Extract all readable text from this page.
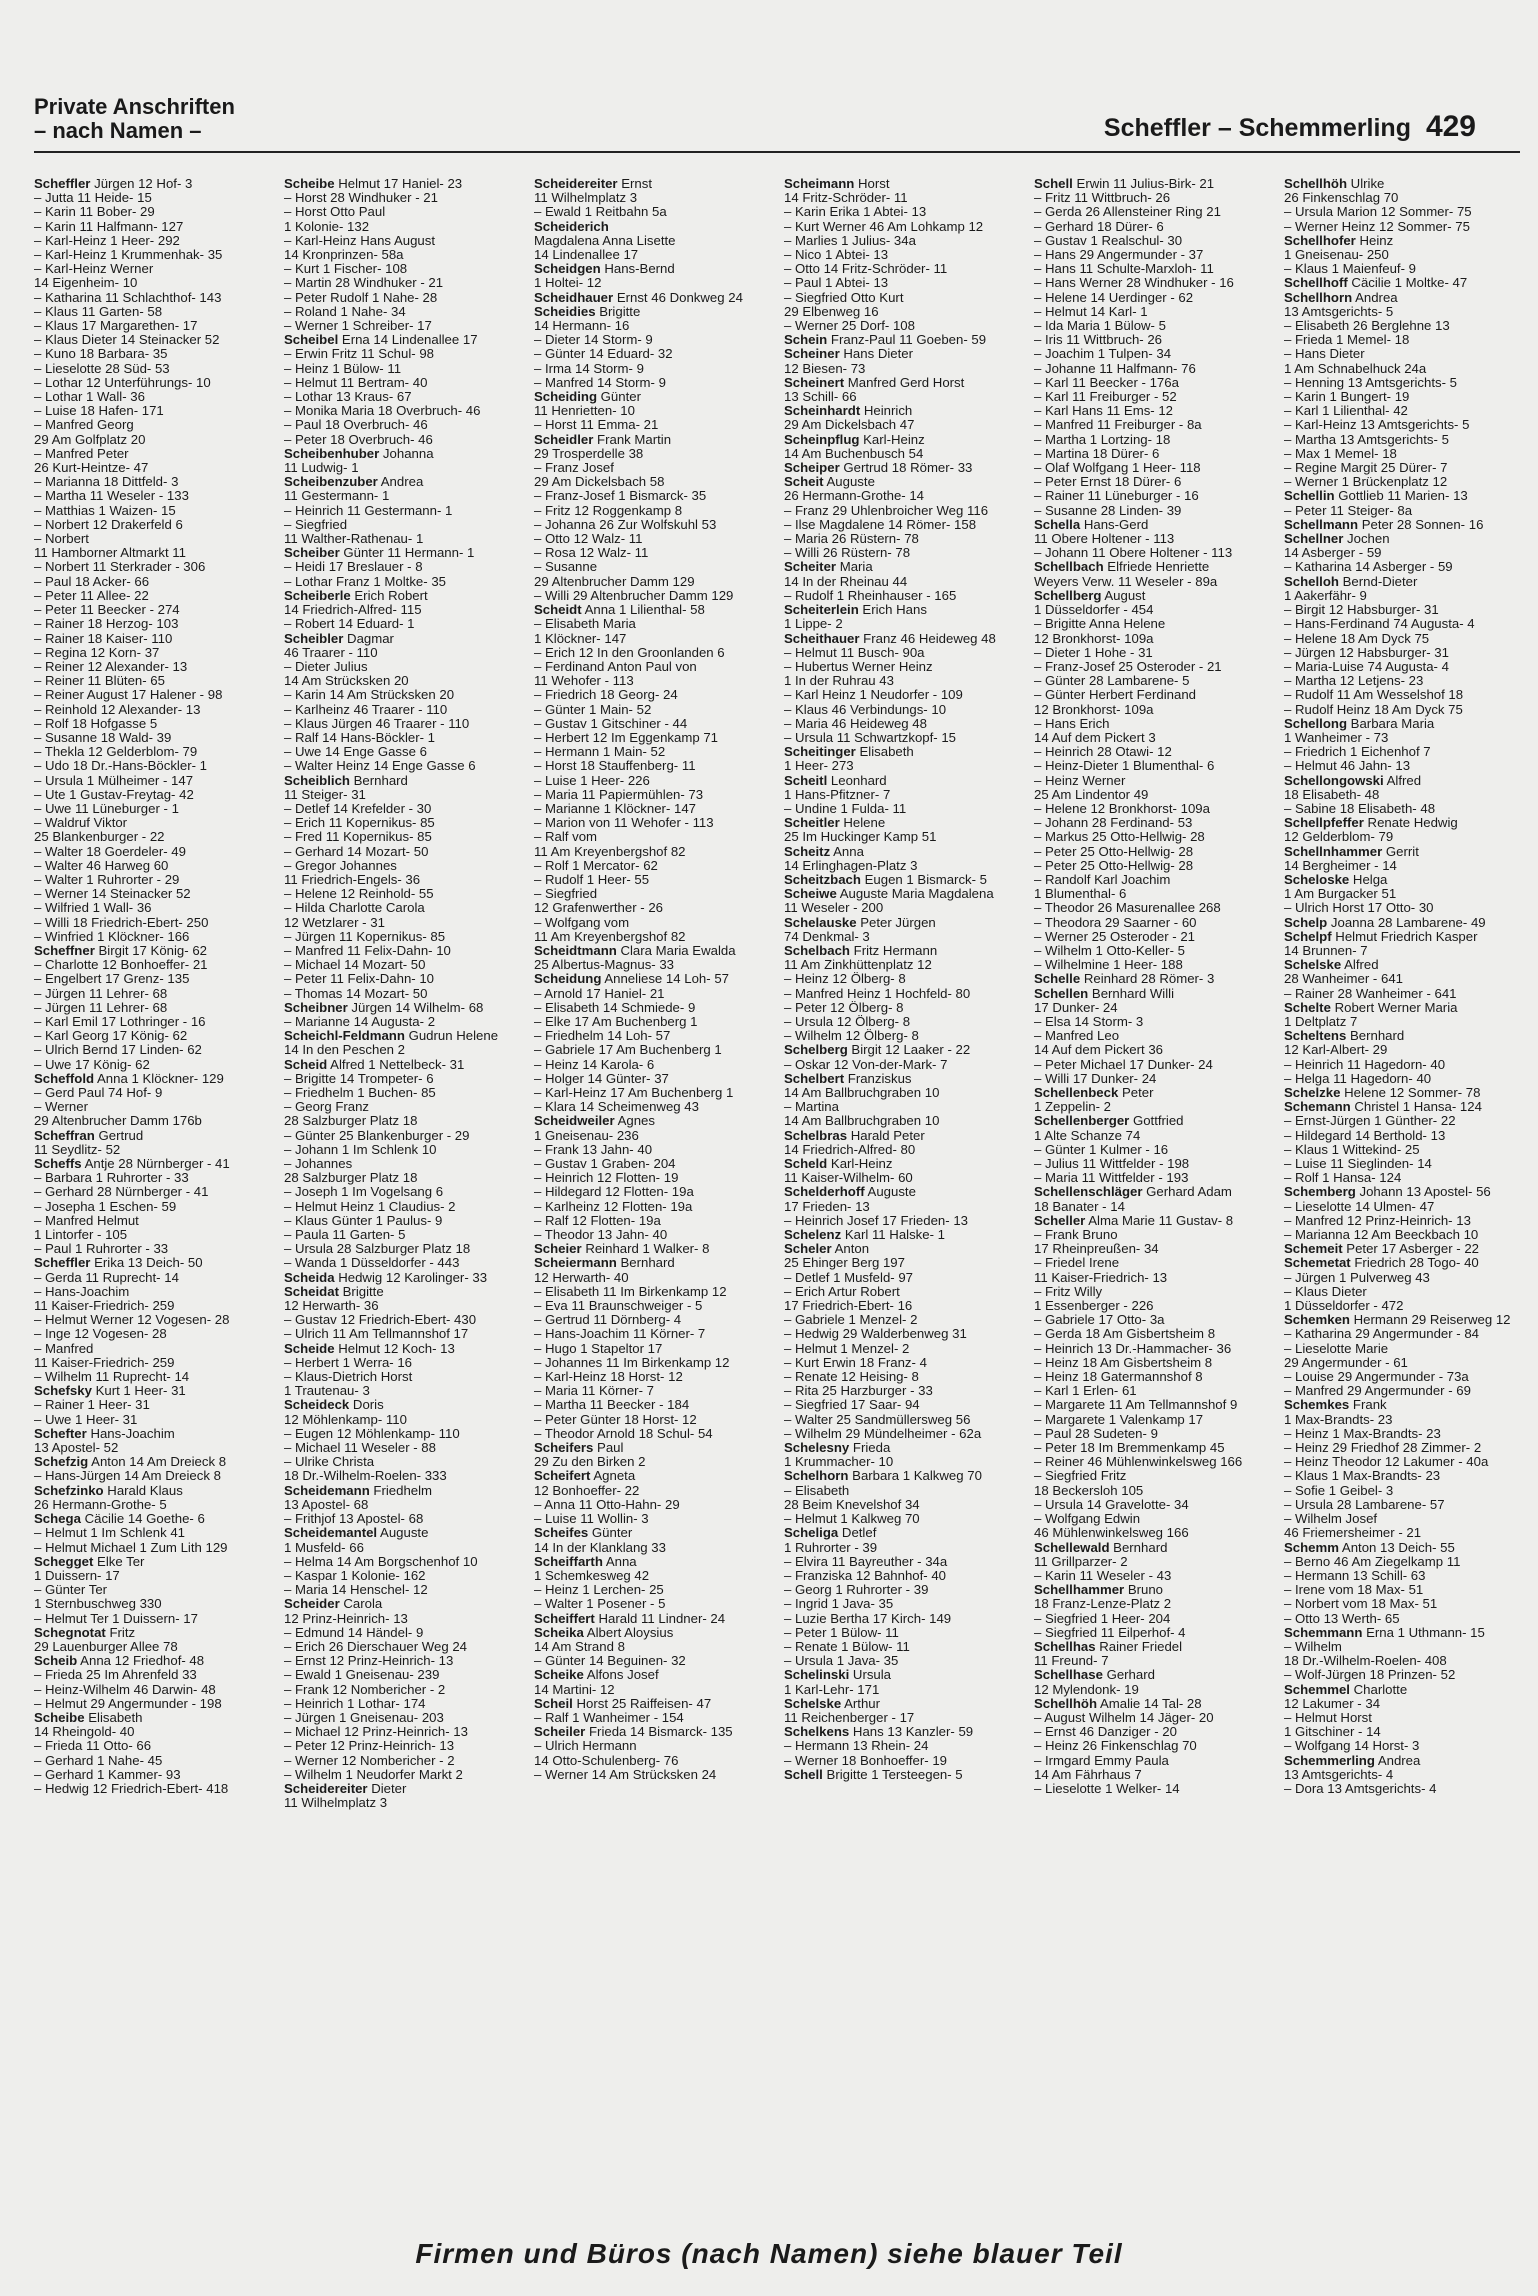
Private Anschriften
– nach Namen –	Scheffler – Schemmerling 429
Scheffler Jürgen 12 Hof- 3
– Jutta 11 Heide- 15
– Karin 11 Bober- 29
– Karin 11 Halfmann- 127
– Karl-Heinz 1 Heer- 292
– Karl-Heinz 1 Krummenhak- 35
– Karl-Heinz Werner
14 Eigenheim- 10
– Katharina 11 Schlachthof- 143
– Klaus 11 Garten- 58
– Klaus 17 Margarethen- 17
– Klaus Dieter 14 Steinacker 52
– Kuno 18 Barbara- 35
– Lieselotte 28 Süd- 53
– Lothar 12 Unterführungs- 10
– Lothar 1 Wall- 36
– Luise 18 Hafen- 171
– Manfred Georg
29 Am Golfplatz 20
– Manfred Peter
26 Kurt-Heintze- 47
– Marianna 18 Dittfeld- 3
– Martha 11 Weseler - 133
– Matthias 1 Waizen- 15
– Norbert 12 Drakerfeld 6
– Norbert
11 Hamborner Altmarkt 11
– Norbert 11 Sterkrader - 306
– Paul 18 Acker- 66
– Peter 11 Allee- 22
– Peter 11 Beecker - 274
– Rainer 18 Herzog- 103
– Rainer 18 Kaiser- 110
– Regina 12 Korn- 37
– Reiner 12 Alexander- 13
– Reiner 11 Blüten- 65
– Reiner August 17 Halener - 98
– Reinhold 12 Alexander- 13
– Rolf 18 Hofgasse 5
– Susanne 18 Wald- 39
– Thekla 12 Gelderblom- 79
– Udo 18 Dr.-Hans-Böckler- 1
– Ursula 1 Mülheimer - 147
– Ute 1 Gustav-Freytag- 42
– Uwe 11 Lüneburger - 1
– Waldruf Viktor
25 Blankenburger - 22
– Walter 18 Goerdeler- 49
– Walter 46 Harweg 60
– Walter 1 Ruhrorter - 29
– Werner 14 Steinacker 52
– Wilfried 1 Wall- 36
– Willi 18 Friedrich-Ebert- 250
– Winfried 1 Klöckner- 166
Scheffner Birgit 17 König- 62
– Charlotte 12 Bonhoeffer- 21
– Engelbert 17 Grenz- 135
– Jürgen 11 Lehrer- 68
– Jürgen 11 Lehrer- 68
– Karl Emil 17 Lothringer - 16
– Karl Georg 17 König- 62
– Ulrich Bernd 17 Linden- 62
– Uwe 17 König- 62
Scheffold Anna 1 Klöckner- 129
– Gerd Paul 74 Hof- 9
– Werner
29 Altenbrucher Damm 176b
Scheffran Gertrud
11 Seydlitz- 52
Scheffs Antje 28 Nürnberger - 41
– Barbara 1 Ruhrorter - 33
– Gerhard 28 Nürnberger - 41
– Josepha 1 Eschen- 59
– Manfred Helmut
1 Lintorfer - 105
– Paul 1 Ruhrorter - 33
Scheffler Erika 13 Deich- 50
– Gerda 11 Ruprecht- 14
– Hans-Joachim
11 Kaiser-Friedrich- 259
– Helmut Werner 12 Vogesen- 28
– Inge 12 Vogesen- 28
– Manfred
11 Kaiser-Friedrich- 259
– Wilhelm 11 Ruprecht- 14
Schefsky Kurt 1 Heer- 31
– Rainer 1 Heer- 31
– Uwe 1 Heer- 31
Schefter Hans-Joachim
13 Apostel- 52
Schefzig Anton 14 Am Dreieck 8
– Hans-Jürgen 14 Am Dreieck 8
Schefzinko Harald Klaus
26 Hermann-Grothe- 5
Schega Cäcilie 14 Goethe- 6
– Helmut 1 Im Schlenk 41
– Helmut Michael 1 Zum Lith 129
Schegget Elke Ter
1 Duissern- 17
– Günter Ter
1 Sternbuschweg 330
– Helmut Ter 1 Duissern- 17
Schegnotat Fritz
29 Lauenburger Allee 78
Scheib Anna 12 Friedhof- 48
– Frieda 25 Im Ahrenfeld 33
– Heinz-Wilhelm 46 Darwin- 48
– Helmut 29 Angermunder - 198
Scheibe Elisabeth
14 Rheingold- 40
– Frieda 11 Otto- 66
– Gerhard 1 Nahe- 45
– Gerhard 1 Kammer- 93
– Hedwig 12 Friedrich-Ebert- 418
Scheibe Helmut 17 Haniel- 23
– Horst 28 Windhuker - 21
– Horst Otto Paul
1 Kolonie- 132
– Karl-Heinz Hans August
14 Kronprinzen- 58a
– Kurt 1 Fischer- 108
– Martin 28 Windhuker - 21
– Peter Rudolf 1 Nahe- 28
– Roland 1 Nahe- 34
– Werner 1 Schreiber- 17
Scheibel Erna 14 Lindenallee 17
– Erwin Fritz 11 Schul- 98
– Heinz 1 Bülow- 11
– Helmut 11 Bertram- 40
– Lothar 13 Kraus- 67
– Monika Maria 18 Overbruch- 46
– Paul 18 Overbruch- 46
– Peter 18 Overbruch- 46
Scheibenhuber Johanna
11 Ludwig- 1
Scheibenzuber Andrea
11 Gestermann- 1
– Heinrich 11 Gestermann- 1
– Siegfried
11 Walther-Rathenau- 1
Scheiber Günter 11 Hermann- 1
– Heidi 17 Breslauer - 8
– Lothar Franz 1 Moltke- 35
Scheiberle Erich Robert
14 Friedrich-Alfred- 115
– Robert 14 Eduard- 1
Scheibler Dagmar
46 Traarer - 110
– Dieter Julius
14 Am Strücksken 20
– Karin 14 Am Strücksken 20
– Karlheinz 46 Traarer - 110
– Klaus Jürgen 46 Traarer - 110
– Ralf 14 Hans-Böckler- 1
– Uwe 14 Enge Gasse 6
– Walter Heinz 14 Enge Gasse 6
Scheiblich Bernhard
11 Steiger- 31
– Detlef 14 Krefelder - 30
– Erich 11 Kopernikus- 85
– Fred 11 Kopernikus- 85
– Gerhard 14 Mozart- 50
– Gregor Johannes
11 Friedrich-Engels- 36
– Helene 12 Reinhold- 55
– Hilda Charlotte Carola
12 Wetzlarer - 31
– Jürgen 11 Kopernikus- 85
– Manfred 11 Felix-Dahn- 10
– Michael 14 Mozart- 50
– Peter 11 Felix-Dahn- 10
– Thomas 14 Mozart- 50
Scheibner Jürgen 14 Wilhelm- 68
– Marianne 14 Augusta- 2
Scheichl-Feldmann Gudrun Helene
14 In den Peschen 2
Scheid Alfred 1 Nettelbeck- 31
– Brigitte 14 Trompeter- 6
– Friedhelm 1 Buchen- 85
– Georg Franz
28 Salzburger Platz 18
– Günter 25 Blankenburger - 29
– Johann 1 Im Schlenk 10
– Johannes
28 Salzburger Platz 18
– Joseph 1 Im Vogelsang 6
– Helmut Heinz 1 Claudius- 2
– Klaus Günter 1 Paulus- 9
– Paula 11 Garten- 5
– Ursula 28 Salzburger Platz 18
– Wanda 1 Düsseldorfer - 443
Scheida Hedwig 12 Karolinger- 33
Scheidat Brigitte
12 Herwarth- 36
– Gustav 12 Friedrich-Ebert- 430
– Ulrich 11 Am Tellmannshof 17
Scheide Helmut 12 Koch- 13
– Herbert 1 Werra- 16
– Klaus-Dietrich Horst
1 Trautenau- 3
Scheideck Doris
12 Möhlenkamp- 110
– Eugen 12 Möhlenkamp- 110
– Michael 11 Weseler - 88
– Ulrike Christa
18 Dr.-Wilhelm-Roelen- 333
Scheidemann Friedhelm
13 Apostel- 68
– Frithjof 13 Apostel- 68
Scheidemantel Auguste
1 Musfeld- 66
– Helma 14 Am Borgschenhof 10
– Kaspar 1 Kolonie- 162
– Maria 14 Henschel- 12
Scheider Carola
12 Prinz-Heinrich- 13
– Edmund 14 Händel- 9
– Erich 26 Dierschauer Weg 24
– Ernst 12 Prinz-Heinrich- 13
– Ewald 1 Gneisenau- 239
– Frank 12 Nombericher - 2
– Heinrich 1 Lothar- 174
– Jürgen 1 Gneisenau- 203
– Michael 12 Prinz-Heinrich- 13
– Peter 12 Prinz-Heinrich- 13
– Werner 12 Nombericher - 2
– Wilhelm 1 Neudorfer Markt 2
Scheidereiter Dieter
11 Wilhelmplatz 3
Scheidereiter Ernst
11 Wilhelmplatz 3
– Ewald 1 Reitbahn 5a
Scheiderich
Magdalena Anna Lisette
14 Lindenallee 17
Scheidgen Hans-Bernd
1 Holtei- 12
Scheidhauer Ernst 46 Donkweg 24
Scheidies Brigitte
14 Hermann- 16
– Dieter 14 Storm- 9
– Günter 14 Eduard- 32
– Irma 14 Storm- 9
– Manfred 14 Storm- 9
Scheiding Günter
11 Henrietten- 10
– Horst 11 Emma- 21
Scheidler Frank Martin
29 Trosperdelle 38
– Franz Josef
29 Am Dickelsbach 58
– Franz-Josef 1 Bismarck- 35
– Fritz 12 Roggenkamp 8
– Johanna 26 Zur Wolfskuhl 53
– Otto 12 Walz- 11
– Rosa 12 Walz- 11
– Susanne
29 Altenbrucher Damm 129
– Willi 29 Altenbrucher Damm 129
Scheidt Anna 1 Lilienthal- 58
– Elisabeth Maria
1 Klöckner- 147
– Erich 12 In den Groonlanden 6
– Ferdinand Anton Paul von
11 Wehofer - 113
– Friedrich 18 Georg- 24
– Günter 1 Main- 52
– Gustav 1 Gitschiner - 44
– Herbert 12 Im Eggenkamp 71
– Hermann 1 Main- 52
– Horst 18 Stauffenberg- 11
– Luise 1 Heer- 226
– Maria 11 Papiermühlen- 73
– Marianne 1 Klöckner- 147
– Marion von 11 Wehofer - 113
– Ralf vom
11 Am Kreyenbergshof 82
– Rolf 1 Mercator- 62
– Rudolf 1 Heer- 55
– Siegfried
12 Grafenwerther - 26
– Wolfgang vom
11 Am Kreyenbergshof 82
Scheidtmann Clara Maria Ewalda
25 Albertus-Magnus- 33
Scheidung Anneliese 14 Loh- 57
– Arnold 17 Haniel- 21
– Elisabeth 14 Schmiede- 9
– Elke 17 Am Buchenberg 1
– Friedhelm 14 Loh- 57
– Gabriele 17 Am Buchenberg 1
– Heinz 14 Karola- 6
– Holger 14 Günter- 37
– Karl-Heinz 17 Am Buchenberg 1
– Klara 14 Scheimenweg 43
Scheidweiler Agnes
1 Gneisenau- 236
– Frank 13 Jahn- 40
– Gustav 1 Graben- 204
– Heinrich 12 Flotten- 19
– Hildegard 12 Flotten- 19a
– Karlheinz 12 Flotten- 19a
– Ralf 12 Flotten- 19a
– Theodor 13 Jahn- 40
Scheier Reinhard 1 Walker- 8
Scheiermann Bernhard
12 Herwarth- 40
– Elisabeth 11 Im Birkenkamp 12
– Eva 11 Braunschweiger - 5
– Gertrud 11 Dörnberg- 4
– Hans-Joachim 11 Körner- 7
– Hugo 1 Stapeltor 17
– Johannes 11 Im Birkenkamp 12
– Karl-Heinz 18 Horst- 12
– Maria 11 Körner- 7
– Martha 11 Beecker - 184
– Peter Günter 18 Horst- 12
– Theodor Arnold 18 Schul- 54
Scheifers Paul
29 Zu den Birken 2
Scheifert Agneta
12 Bonhoeffer- 22
– Anna 11 Otto-Hahn- 29
– Luise 11 Wollin- 3
Scheifes Günter
14 In der Klanklang 33
Scheiffarth Anna
1 Schemkesweg 42
– Heinz 1 Lerchen- 25
– Walter 1 Posener - 5
Scheiffert Harald 11 Lindner- 24
Scheika Albert Aloysius
14 Am Strand 8
– Günter 14 Beguinen- 32
Scheike Alfons Josef
14 Martini- 12
Scheil Horst 25 Raiffeisen- 47
– Ralf 1 Wanheimer - 154
Scheiler Frieda 14 Bismarck- 135
– Ulrich Hermann
14 Otto-Schulenberg- 76
– Werner 14 Am Strücksken 24
Scheimann Horst
14 Fritz-Schröder- 11
– Karin Erika 1 Abtei- 13
– Kurt Werner 46 Am Lohkamp 12
– Marlies 1 Julius- 34a
– Nico 1 Abtei- 13
– Otto 14 Fritz-Schröder- 11
– Paul 1 Abtei- 13
– Siegfried Otto Kurt
29 Elbenweg 16
– Werner 25 Dorf- 108
Schein Franz-Paul 11 Goeben- 59
Scheiner Hans Dieter
12 Biesen- 73
Scheinert Manfred Gerd Horst
13 Schill- 66
Scheinhardt Heinrich
29 Am Dickelsbach 47
Scheinpflug Karl-Heinz
14 Am Buchenbusch 54
Scheiper Gertrud 18 Römer- 33
Scheit Auguste
26 Hermann-Grothe- 14
– Franz 29 Uhlenbroicher Weg 116
– Ilse Magdalene 14 Römer- 158
– Maria 26 Rüstern- 78
– Willi 26 Rüstern- 78
Scheiter Maria
14 In der Rheinau 44
– Rudolf 1 Rheinhauser - 165
Scheiterlein Erich Hans
1 Lippe- 2
Scheithauer Franz 46 Heideweg 48
– Helmut 11 Busch- 90a
– Hubertus Werner Heinz
1 In der Ruhrau 43
– Karl Heinz 1 Neudorfer - 109
– Klaus 46 Verbindungs- 10
– Maria 46 Heideweg 48
– Ursula 11 Schwartzkopf- 15
Scheitinger Elisabeth
1 Heer- 273
Scheitl Leonhard
1 Hans-Pfitzner- 7
– Undine 1 Fulda- 11
Scheitler Helene
25 Im Huckinger Kamp 51
Scheitz Anna
14 Erlinghagen-Platz 3
Scheitzbach Eugen 1 Bismarck- 5
Scheiwe Auguste Maria Magdalena
11 Weseler - 200
Schelauske Peter Jürgen
74 Denkmal- 3
Schelbach Fritz Hermann
11 Am Zinkhüttenplatz 12
– Heinz 12 Ölberg- 8
– Manfred Heinz 1 Hochfeld- 80
– Peter 12 Ölberg- 8
– Ursula 12 Ölberg- 8
– Wilhelm 12 Ölberg- 8
Schelberg Birgit 12 Laaker - 22
– Oskar 12 Von-der-Mark- 7
Schelbert Franziskus
14 Am Ballbruchgraben 10
– Martina
14 Am Ballbruchgraben 10
Schelbras Harald Peter
14 Friedrich-Alfred- 80
Scheld Karl-Heinz
11 Kaiser-Wilhelm- 60
Schelderhoff Auguste
17 Frieden- 13
– Heinrich Josef 17 Frieden- 13
Schelenz Karl 11 Halske- 1
Scheler Anton
25 Ehinger Berg 197
– Detlef 1 Musfeld- 97
– Erich Artur Robert
17 Friedrich-Ebert- 16
– Gabriele 1 Menzel- 2
– Hedwig 29 Walderbenweg 31
– Helmut 1 Menzel- 2
– Kurt Erwin 18 Franz- 4
– Renate 12 Heising- 8
– Rita 25 Harzburger - 33
– Siegfried 17 Saar- 94
– Walter 25 Sandmüllersweg 56
– Wilhelm 29 Mündelheimer - 62a
Schelesny Frieda
1 Krummacher- 10
Schelhorn Barbara 1 Kalkweg 70
– Elisabeth
28 Beim Knevelshof 34
– Helmut 1 Kalkweg 70
Scheliga Detlef
1 Ruhrorter - 39
– Elvira 11 Bayreuther - 34a
– Franziska 12 Bahnhof- 40
– Georg 1 Ruhrorter - 39
– Ingrid 1 Java- 35
– Luzie Bertha 17 Kirch- 149
– Peter 1 Bülow- 11
– Renate 1 Bülow- 11
– Ursula 1 Java- 35
Schelinski Ursula
1 Karl-Lehr- 171
Schelske Arthur
11 Reichenberger - 17
Schelkens Hans 13 Kanzler- 59
– Hermann 13 Rhein- 24
– Werner 18 Bonhoeffer- 19
Schell Brigitte 1 Tersteegen- 5
Schell Erwin 11 Julius-Birk- 21
– Fritz 11 Wittbruch- 26
– Gerda 26 Allensteiner Ring 21
– Gerhard 18 Dürer- 6
– Gustav 1 Realschul- 30
– Hans 29 Angermunder - 37
– Hans 11 Schulte-Marxloh- 11
– Hans Werner 28 Windhuker - 16
– Helene 14 Uerdinger - 62
– Helmut 14 Karl- 1
– Ida Maria 1 Bülow- 5
– Iris 11 Wittbruch- 26
– Joachim 1 Tulpen- 34
– Johanne 11 Halfmann- 76
– Karl 11 Beecker - 176a
– Karl 11 Freiburger - 52
– Karl Hans 11 Ems- 12
– Manfred 11 Freiburger - 8a
– Martha 1 Lortzing- 18
– Martina 18 Dürer- 6
– Olaf Wolfgang 1 Heer- 118
– Peter Ernst 18 Dürer- 6
– Rainer 11 Lüneburger - 16
– Susanne 28 Linden- 39
Schella Hans-Gerd
11 Obere Holtener - 113
– Johann 11 Obere Holtener - 113
Schellbach Elfriede Henriette
Weyers Verw. 11 Weseler - 89a
Schellberg August
1 Düsseldorfer - 454
– Brigitte Anna Helene
12 Bronkhorst- 109a
– Dieter 1 Hohe - 31
– Franz-Josef 25 Osteroder - 21
– Günter 28 Lambarene- 5
– Günter Herbert Ferdinand
12 Bronkhorst- 109a
– Hans Erich
14 Auf dem Pickert 3
– Heinrich 28 Otawi- 12
– Heinz-Dieter 1 Blumenthal- 6
– Heinz Werner
25 Am Lindentor 49
– Helene 12 Bronkhorst- 109a
– Johann 28 Ferdinand- 53
– Markus 25 Otto-Hellwig- 28
– Peter 25 Otto-Hellwig- 28
– Peter 25 Otto-Hellwig- 28
– Randolf Karl Joachim
1 Blumenthal- 6
– Theodor 26 Masurenallee 268
– Theodora 29 Saarner - 60
– Werner 25 Osteroder - 21
– Wilhelm 1 Otto-Keller- 5
– Wilhelmine 1 Heer- 188
Schelle Reinhard 28 Römer- 3
Schellen Bernhard Willi
17 Dunker- 24
– Elsa 14 Storm- 3
– Manfred Leo
14 Auf dem Pickert 36
– Peter Michael 17 Dunker- 24
– Willi 17 Dunker- 24
Schellenbeck Peter
1 Zeppelin- 2
Schellenberger Gottfried
1 Alte Schanze 74
– Günter 1 Kulmer - 16
– Julius 11 Wittfelder - 198
– Maria 11 Wittfelder - 193
Schellenschläger Gerhard Adam
18 Banater - 14
Scheller Alma Marie 11 Gustav- 8
– Frank Bruno
17 Rheinpreußen- 34
– Friedel Irene
11 Kaiser-Friedrich- 13
– Fritz Willy
1 Essenberger - 226
– Gabriele 17 Otto- 3a
– Gerda 18 Am Gisbertsheim 8
– Heinrich 13 Dr.-Hammacher- 36
– Heinz 18 Am Gisbertsheim 8
– Heinz 18 Gatermannshof 8
– Karl 1 Erlen- 61
– Margarete 11 Am Tellmannshof 9
– Margarete 1 Valenkamp 17
– Paul 28 Sudeten- 9
– Peter 18 Im Bremmenkamp 45
– Reiner 46 Mühlenwinkelsweg 166
– Siegfried Fritz
18 Beckersloh 105
– Ursula 14 Gravelotte- 34
– Wolfgang Edwin
46 Mühlenwinkelsweg 166
Schellewald Bernhard
11 Grillparzer- 2
– Karin 11 Weseler - 43
Schellhammer Bruno
18 Franz-Lenze-Platz 2
– Siegfried 1 Heer- 204
– Siegfried 11 Eilperhof- 4
Schellhas Rainer Friedel
11 Freund- 7
Schellhase Gerhard
12 Mylendonk- 19
Schellhöh Amalie 14 Tal- 28
– August Wilhelm 14 Jäger- 20
– Ernst 46 Danziger - 20
– Heinz 26 Finkenschlag 70
– Irmgard Emmy Paula
14 Am Fährhaus 7
– Lieselotte 1 Welker- 14
Schellhöh Ulrike
26 Finkenschlag 70
– Ursula Marion 12 Sommer- 75
– Werner Heinz 12 Sommer- 75
Schellhofer Heinz
1 Gneisenau- 250
– Klaus 1 Maienfeuf- 9
Schellhoff Cäcilie 1 Moltke- 47
Schellhorn Andrea
13 Amtsgerichts- 5
– Elisabeth 26 Berglehne 13
– Frieda 1 Memel- 18
– Hans Dieter
1 Am Schnabelhuck 24a
– Henning 13 Amtsgerichts- 5
– Karin 1 Bungert- 19
– Karl 1 Lilienthal- 42
– Karl-Heinz 13 Amtsgerichts- 5
– Martha 13 Amtsgerichts- 5
– Max 1 Memel- 18
– Regine Margit 25 Dürer- 7
– Werner 1 Brückenplatz 12
Schellin Gottlieb 11 Marien- 13
– Peter 11 Steiger- 8a
Schellmann Peter 28 Sonnen- 16
Schellner Jochen
14 Asberger - 59
– Katharina 14 Asberger - 59
Schelloh Bernd-Dieter
1 Aakerfähr- 9
– Birgit 12 Habsburger- 31
– Hans-Ferdinand 74 Augusta- 4
– Helene 18 Am Dyck 75
– Jürgen 12 Habsburger- 31
– Maria-Luise 74 Augusta- 4
– Martha 12 Letjens- 23
– Rudolf 11 Am Wesselshof 18
– Rudolf Heinz 18 Am Dyck 75
Schellong Barbara Maria
1 Wanheimer - 73
– Friedrich 1 Eichenhof 7
– Helmut 46 Jahn- 13
Schellongowski Alfred
18 Elisabeth- 48
– Sabine 18 Elisabeth- 48
Schellpfeffer Renate Hedwig
12 Gelderblom- 79
Schellnhammer Gerrit
14 Bergheimer - 14
Scheloske Helga
1 Am Burgacker 51
– Ulrich Horst 17 Otto- 30
Schelp Joanna 28 Lambarene- 49
Schelpf Helmut Friedrich Kasper
14 Brunnen- 7
Schelske Alfred
28 Wanheimer - 641
– Rainer 28 Wanheimer - 641
Schelte Robert Werner Maria
1 Deltplatz 7
Scheltens Bernhard
12 Karl-Albert- 29
– Heinrich 11 Hagedorn- 40
– Helga 11 Hagedorn- 40
Schelzke Helene 12 Sommer- 78
Schemann Christel 1 Hansa- 124
– Ernst-Jürgen 1 Günther- 22
– Hildegard 14 Berthold- 13
– Klaus 1 Wittekind- 25
– Luise 11 Sieglinden- 14
– Rolf 1 Hansa- 124
Schemberg Johann 13 Apostel- 56
– Lieselotte 14 Ulmen- 47
– Manfred 12 Prinz-Heinrich- 13
– Marianna 12 Am Beeckbach 10
Schemeit Peter 17 Asberger - 22
Schemetat Friedrich 28 Togo- 40
– Jürgen 1 Pulverweg 43
– Klaus Dieter
1 Düsseldorfer - 472
Schemken Hermann 29 Reiserweg 12
– Katharina 29 Angermunder - 84
– Lieselotte Marie
29 Angermunder - 61
– Louise 29 Angermunder - 73a
– Manfred 29 Angermunder - 69
Schemkes Frank
1 Max-Brandts- 23
– Heinz 1 Max-Brandts- 23
– Heinz 29 Friedhof 28 Zimmer- 2
– Heinz Theodor 12 Lakumer - 40a
– Klaus 1 Max-Brandts- 23
– Sofie 1 Geibel- 3
– Ursula 28 Lambarene- 57
– Wilhelm Josef
46 Friemersheimer - 21
Schemm Anton 13 Deich- 55
– Berno 46 Am Ziegelkamp 11
– Hermann 13 Schill- 63
– Irene vom 18 Max- 51
– Norbert vom 18 Max- 51
– Otto 13 Werth- 65
Schemmann Erna 1 Uthmann- 15
– Wilhelm
18 Dr.-Wilhelm-Roelen- 408
– Wolf-Jürgen 18 Prinzen- 52
Schemmel Charlotte
12 Lakumer - 34
– Helmut Horst
1 Gitschiner - 14
– Wolfgang 14 Horst- 3
Schemmerling Andrea
13 Amtsgerichts- 4
– Dora 13 Amtsgerichts- 4
Firmen und Büros (nach Namen) siehe blauer Teil
